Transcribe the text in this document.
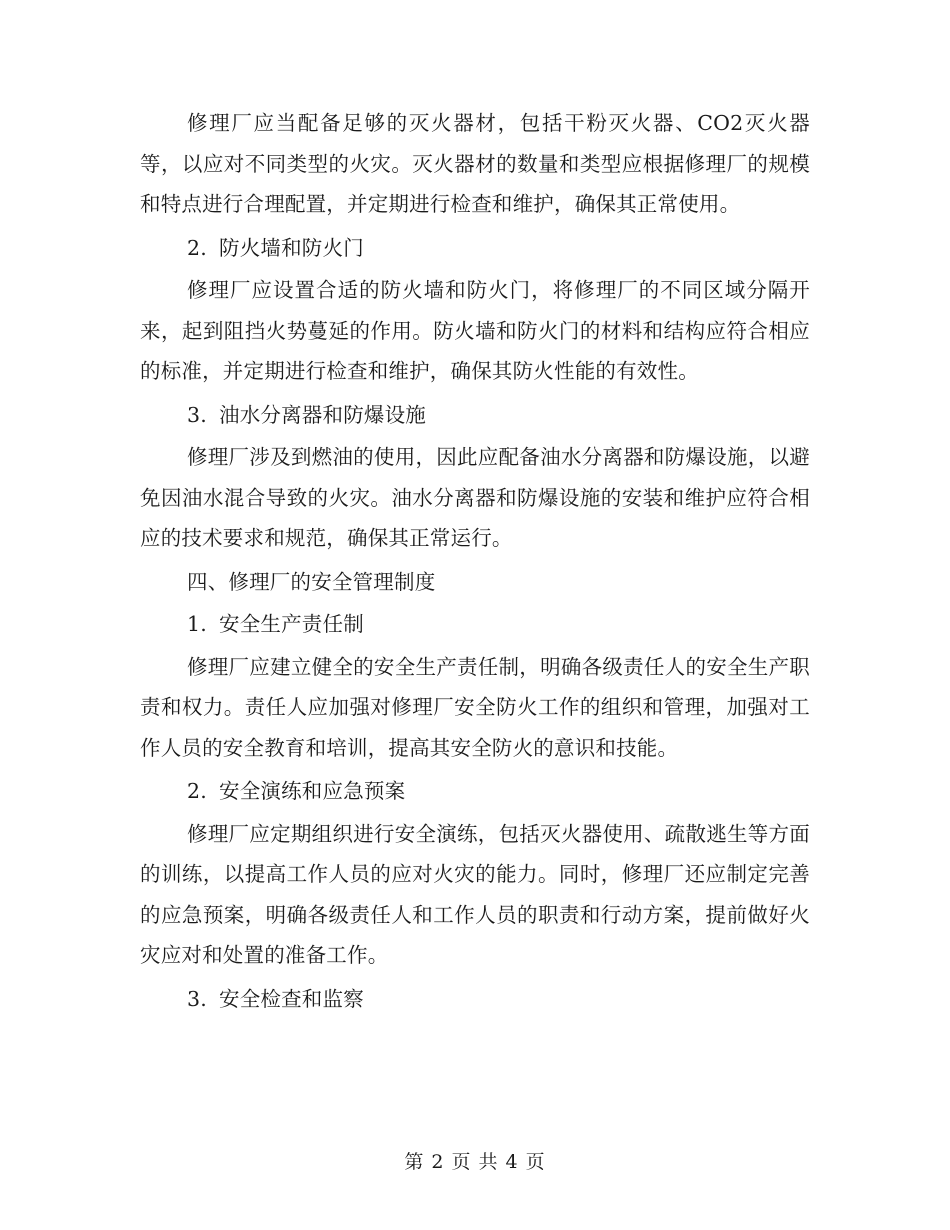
修理厂应当配备足够的灭火器材，包括干粉灭火器、CO2灭火器等，以应对不同类型的火灾。灭火器材的数量和类型应根据修理厂的规模和特点进行合理配置，并定期进行检查和维护，确保其正常使用。

2. 防火墙和防火门

修理厂应设置合适的防火墙和防火门，将修理厂的不同区域分隔开来，起到阻挡火势蔓延的作用。防火墙和防火门的材料和结构应符合相应的标准，并定期进行检查和维护，确保其防火性能的有效性。

3. 油水分离器和防爆设施

修理厂涉及到燃油的使用，因此应配备油水分离器和防爆设施，以避免因油水混合导致的火灾。油水分离器和防爆设施的安装和维护应符合相应的技术要求和规范，确保其正常运行。

四、修理厂的安全管理制度
1. 安全生产责任制

修理厂应建立健全的安全生产责任制，明确各级责任人的安全生产职责和权力。责任人应加强对修理厂安全防火工作的组织和管理，加强对工作人员的安全教育和培训，提高其安全防火的意识和技能。

2. 安全演练和应急预案

修理厂应定期组织进行安全演练，包括灭火器使用、疏散逃生等方面的训练，以提高工作人员的应对火灾的能力。同时，修理厂还应制定完善的应急预案，明确各级责任人和工作人员的职责和行动方案，提前做好火灾应对和处置的准备工作。

3. 安全检查和监察
第 2 页 共 4 页
